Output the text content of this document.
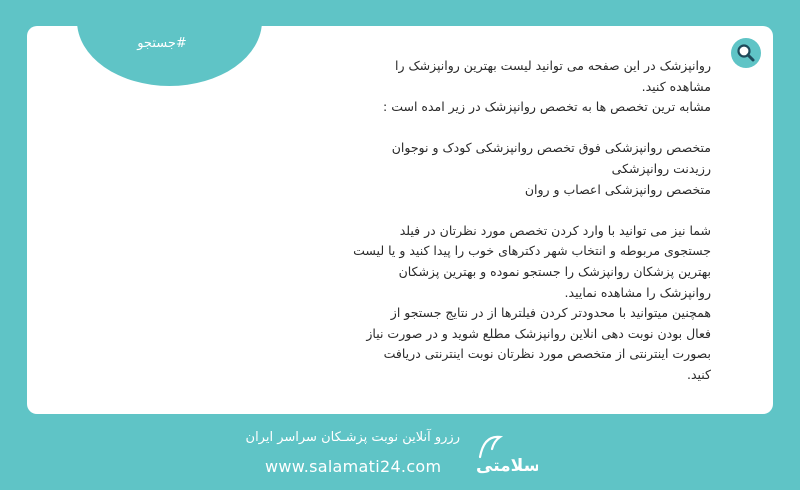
#جستجو
روانپزشک در این صفحه می توانید لیست بهترین روانپزشک را
مشاهده کنید.
مشابه ترین تخصص ها به تخصص روانپزشک در زیر امده است :
متخصص روانپزشکی فوق تخصص روانپزشکی کودک و نوجوان
رزیدنت روانپزشکی
متخصص روانپزشکی اعصاب و روان
شما نیز می توانید با وارد کردن تخصص مورد نظرتان در فیلد
جستجوی مربوطه و انتخاب شهر دکترهای خوب را پیدا کنید و یا لیست
بهترین پزشکان روانپزشک را جستجو نموده و بهترین پزشکان
روانپزشک را مشاهده نمایید.
همچنین میتوانید با محدودتر کردن فیلترها از در نتایج جستجو از
فعال بودن نوبت دهی انلاین روانپزشک مطلع شوید و در صورت نیاز
بصورت اینترنتی از متخصص مورد نظرتان نوبت اینترنتی دریافت
کنید.
سلامتی
رزرو آنلاین نوبت پزشـکان سراسر ایران
www.salamati24.com
